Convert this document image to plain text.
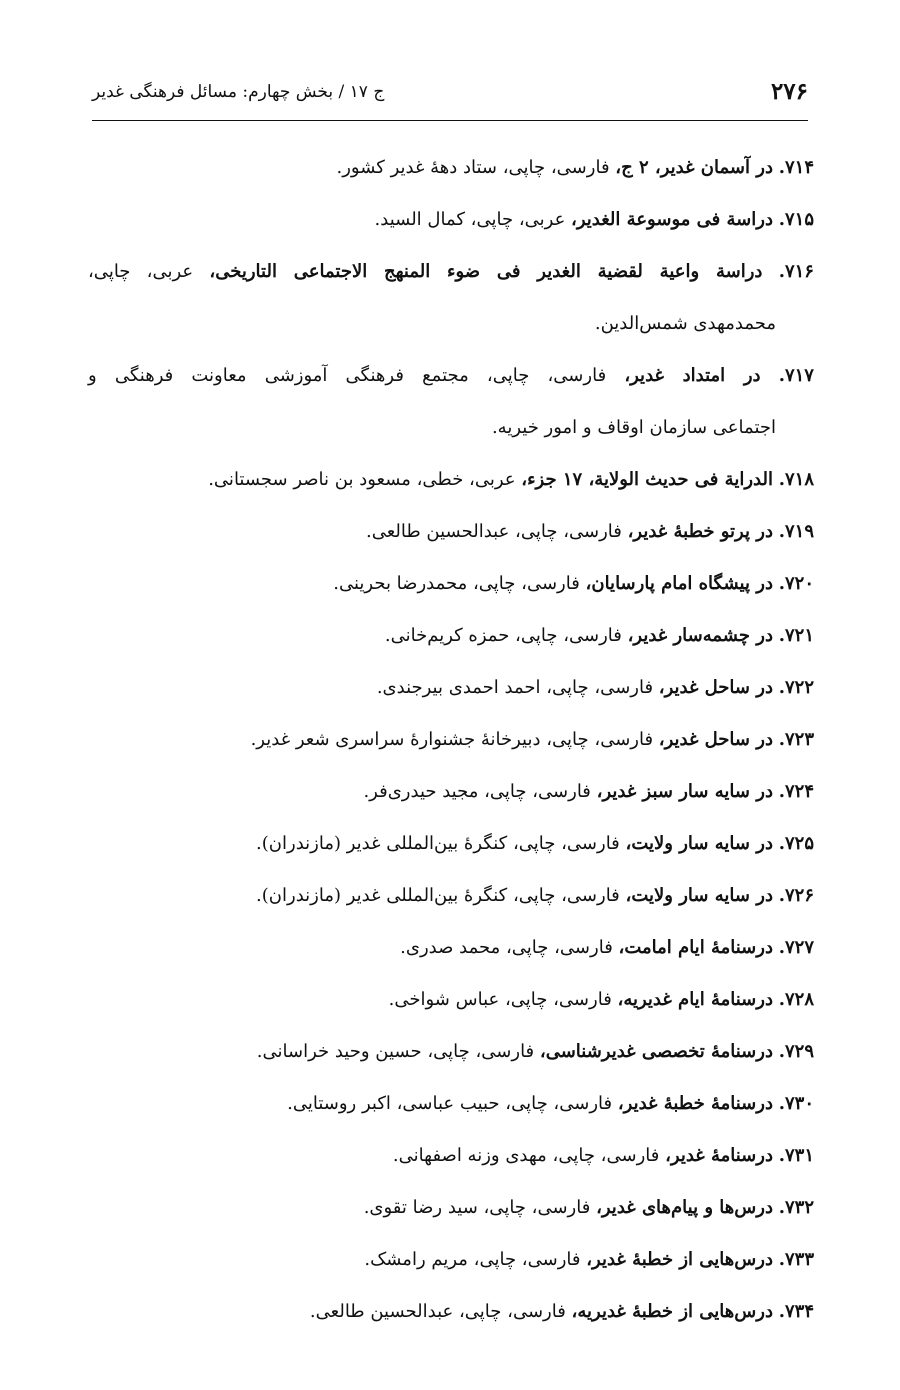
۲۷۶
ج ۱۷ / بخش چهارم: مسائل فرهنگی غدیر
۷۱۴. در آسمان غدیر، ۲ ج، فارسی، چاپی، ستاد دههٔ غدیر کشور.
۷۱۵. دراسة فی موسوعة الغدیر، عربی، چاپی، کمال السید.
۷۱۶. دراسة واعیة لقضیة الغدیر فی ضوء المنهج الاجتماعی التاریخی، عربی، چاپی،
محمدمهدی شمس‌الدین.
۷۱۷. در امتداد غدیر، فارسی، چاپی، مجتمع فرهنگی آموزشی معاونت فرهنگی و
اجتماعی سازمان اوقاف و امور خیریه.
۷۱۸. الدرایة فی حدیث الولایة، ۱۷ جزء، عربی، خطی، مسعود بن ناصر سجستانی.
۷۱۹. در پرتو خطبهٔ غدیر، فارسی، چاپی، عبدالحسین طالعی.
۷۲۰. در پیشگاه امام پارسایان، فارسی، چاپی، محمدرضا بحرینی.
۷۲۱. در چشمه‌سار غدیر، فارسی، چاپی، حمزه کریم‌خانی.
۷۲۲. در ساحل غدیر، فارسی، چاپی، احمد احمدی بیرجندی.
۷۲۳. در ساحل غدیر، فارسی، چاپی، دبیرخانهٔ جشنوارهٔ سراسری شعر غدیر.
۷۲۴. در سایه سار سبز غدیر، فارسی، چاپی، مجید حیدری‌فر.
۷۲۵. در سایه سار ولایت، فارسی، چاپی، کنگرهٔ بین‌المللی غدیر (مازندران).
۷۲۶. در سایه سار ولایت، فارسی، چاپی، کنگرهٔ بین‌المللی غدیر (مازندران).
۷۲۷. درسنامهٔ ایام امامت، فارسی، چاپی، محمد صدری.
۷۲۸. درسنامهٔ ایام غدیریه، فارسی، چاپی، عباس شواخی.
۷۲۹. درسنامهٔ تخصصی غدیرشناسی، فارسی، چاپی، حسین وحید خراسانی.
۷۳۰. درسنامهٔ خطبهٔ غدیر، فارسی، چاپی، حبیب عباسی، اکبر روستایی.
۷۳۱. درسنامهٔ غدیر، فارسی، چاپی، مهدی وزنه اصفهانی.
۷۳۲. درس‌ها و پیام‌های غدیر، فارسی، چاپی، سید رضا تقوی.
۷۳۳. درس‌هایی از خطبهٔ غدیر، فارسی، چاپی، مریم رامشک.
۷۳۴. درس‌هایی از خطبهٔ غدیریه، فارسی، چاپی، عبدالحسین طالعی.
